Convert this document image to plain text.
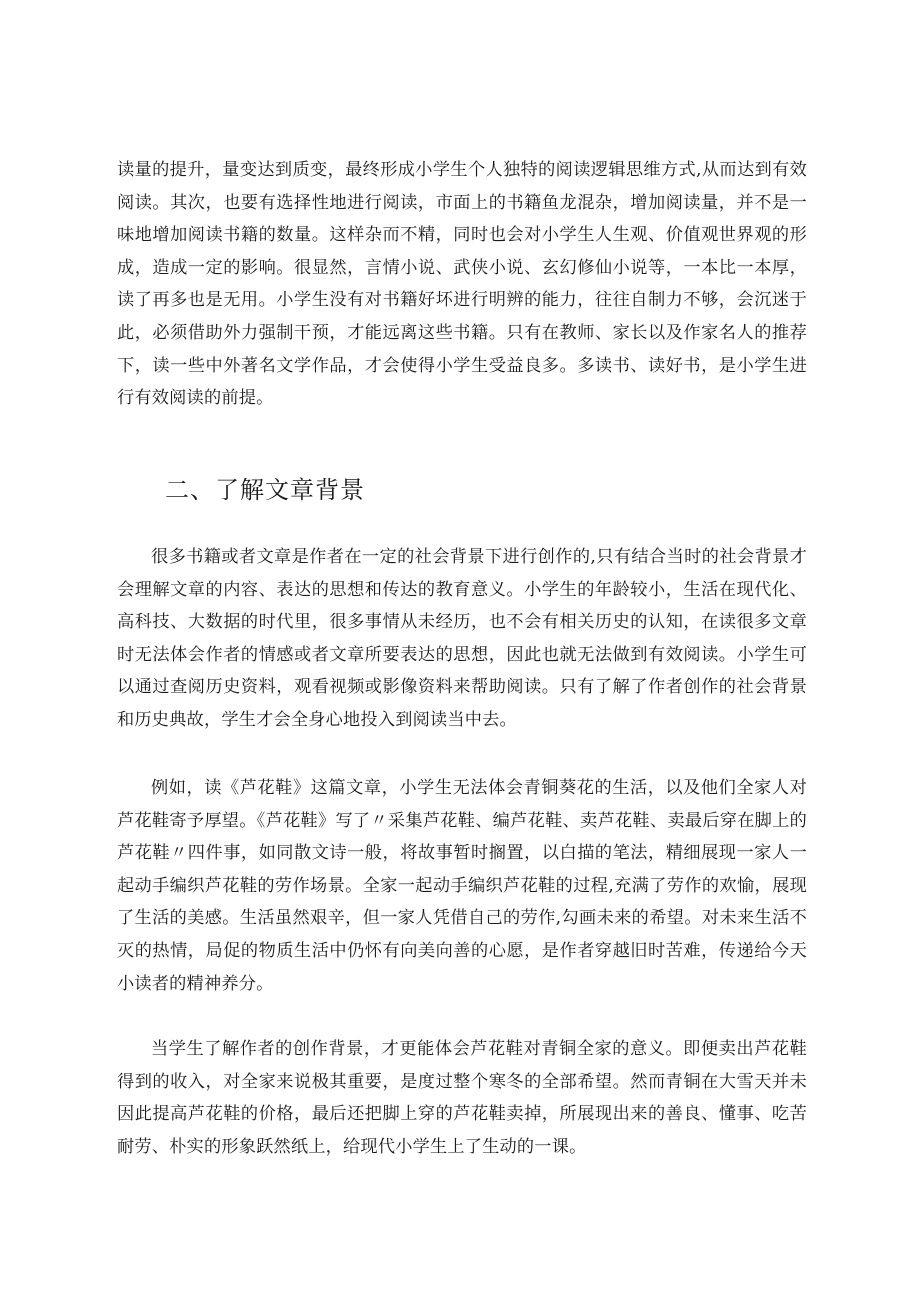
读量的提升，量变达到质变，最终形成小学生个人独特的阅读逻辑思维方式,从而达到有效阅读。其次，也要有选择性地进行阅读，市面上的书籍鱼龙混杂，增加阅读量，并不是一味地增加阅读书籍的数量。这样杂而不精，同时也会对小学生人生观、价值观世界观的形成，造成一定的影响。很显然，言情小说、武侠小说、玄幻修仙小说等，一本比一本厚，读了再多也是无用。小学生没有对书籍好坏进行明辨的能力，往往自制力不够，会沉迷于此，必须借助外力强制干预，才能远离这些书籍。只有在教师、家长以及作家名人的推荐下，读一些中外著名文学作品，才会使得小学生受益良多。多读书、读好书，是小学生进行有效阅读的前提。

二、了解文章背景

很多书籍或者文章是作者在一定的社会背景下进行创作的,只有结合当时的社会背景才会理解文章的内容、表达的思想和传达的教育意义。小学生的年龄较小，生活在现代化、高科技、大数据的时代里，很多事情从未经历，也不会有相关历史的认知，在读很多文章时无法体会作者的情感或者文章所要表达的思想，因此也就无法做到有效阅读。小学生可以通过查阅历史资料，观看视频或影像资料来帮助阅读。只有了解了作者创作的社会背景和历史典故，学生才会全身心地投入到阅读当中去。

例如，读《芦花鞋》这篇文章，小学生无法体会青铜葵花的生活，以及他们全家人对芦花鞋寄予厚望。《芦花鞋》写了〃采集芦花鞋、编芦花鞋、卖芦花鞋、卖最后穿在脚上的芦花鞋〃四件事，如同散文诗一般，将故事暂时搁置，以白描的笔法，精细展现一家人一起动手编织芦花鞋的劳作场景。全家一起动手编织芦花鞋的过程,充满了劳作的欢愉，展现了生活的美感。生活虽然艰辛，但一家人凭借自己的劳作,勾画未来的希望。对未来生活不灭的热情，局促的物质生活中仍怀有向美向善的心愿，是作者穿越旧时苦难，传递给今天小读者的精神养分。

当学生了解作者的创作背景，才更能体会芦花鞋对青铜全家的意义。即便卖出芦花鞋得到的收入，对全家来说极其重要，是度过整个寒冬的全部希望。然而青铜在大雪天并未因此提高芦花鞋的价格，最后还把脚上穿的芦花鞋卖掉，所展现出来的善良、懂事、吃苦耐劳、朴实的形象跃然纸上，给现代小学生上了生动的一课。
